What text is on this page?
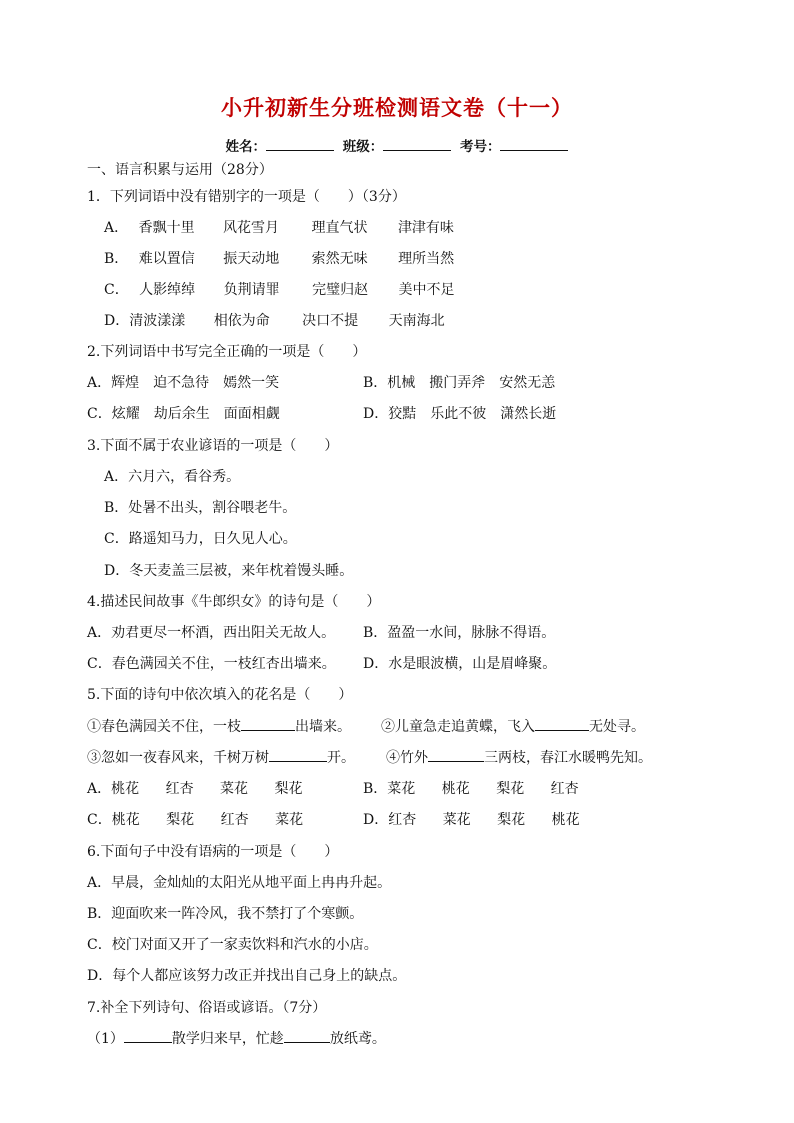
小升初新生分班检测语文卷（十一）
姓名：	班级：	考号：
一、语言积累与运用（28分）
1．下列词语中没有错别字的一项是（　　）（3分）
A． 香飘十里 风花雪月 理直气状 津津有味
B． 难以置信 振天动地 索然无味 理所当然
C． 人影绰绰 负荆请罪 完璧归赵 美中不足
D．清波漾漾 相依为命 决口不提 天南海北
2.下列词语中书写完全正确的一项是（　　）
A．辉煌　迫不急待　嫣然一笑	B．机械　搬门弄斧　安然无恙
C．炫耀　劫后余生　面面相觑	D．狡黠　乐此不彼　潇然长逝
3.下面不属于农业谚语的一项是（　　）
A．六月六，看谷秀。
B．处暑不出头，割谷喂老牛。
C．路遥知马力，日久见人心。
D．冬天麦盖三层被，来年枕着馒头睡。
4.描述民间故事《牛郎织女》的诗句是（　　）
A．劝君更尽一杯酒，西出阳关无故人。 B．盈盈一水间，脉脉不得语。
C．春色满园关不住，一枝红杏出墙来。 D．水是眼波横，山是眉峰聚。
5.下面的诗句中依次填入的花名是（　　）
①春色满园关不住，一枝	出墙来。 ②儿童急走追黄蝶，飞入	无处寻。
③忽如一夜春风来，千树万树	开。 ④竹外	三两枝，春江水暖鸭先知。
A．桃花 红杏 菜花 梨花	B．菜花 桃花 梨花 红杏
C．桃花 梨花 红杏 菜花	D．红杏 菜花 梨花 桃花
6.下面句子中没有语病的一项是（　　）
A．早晨，金灿灿的太阳光从地平面上冉冉升起。
B．迎面吹来一阵冷风，我不禁打了个寒颤。
C．校门对面又开了一家卖饮料和汽水的小店。
D．每个人都应该努力改正并找出自己身上的缺点。
7.补全下列诗句、俗语或谚语。（7分）
（1）	散学归来早，忙趁	放纸鸢。
